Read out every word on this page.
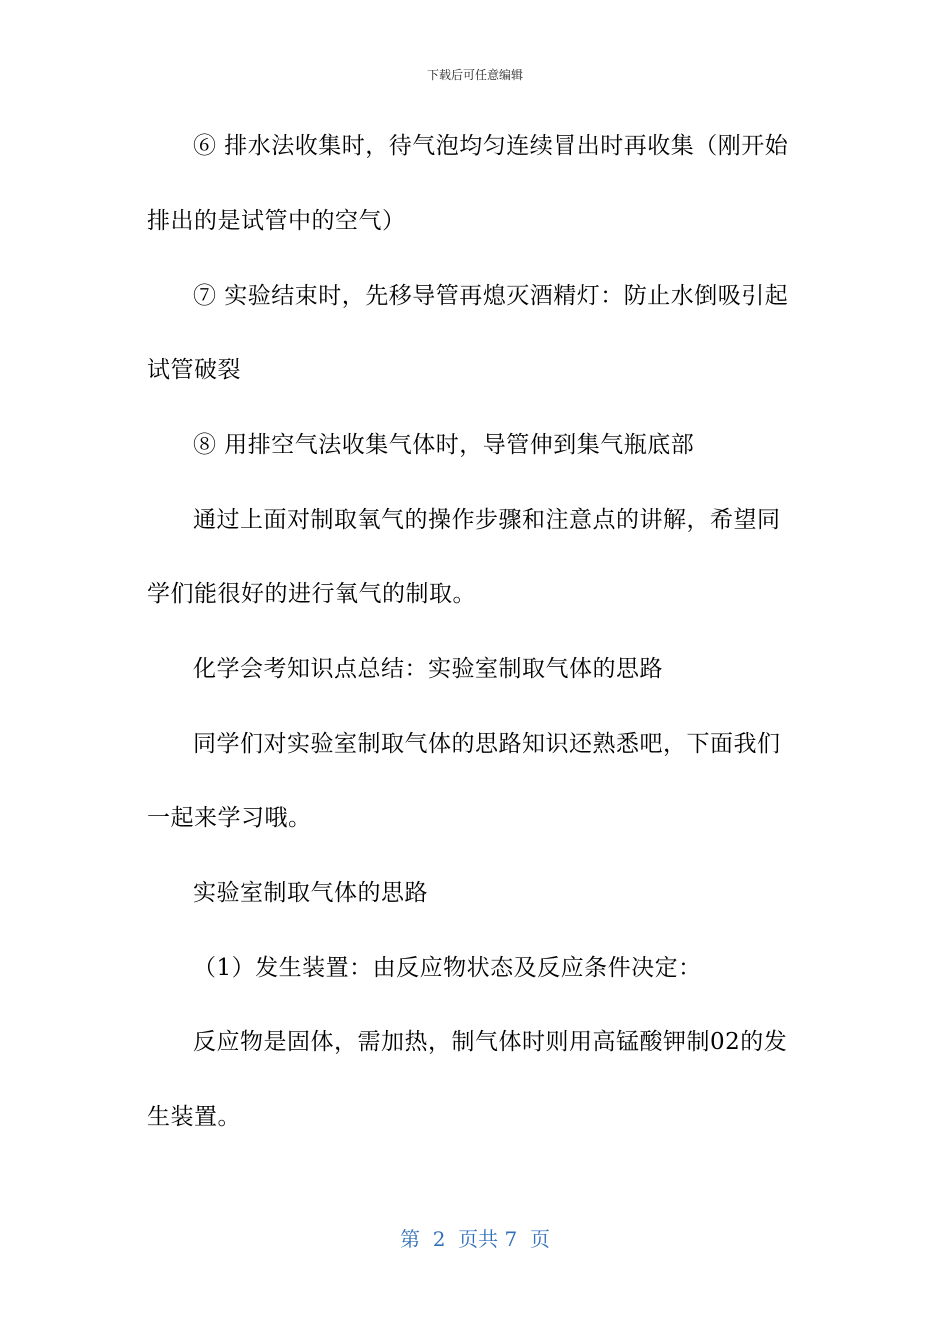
下载后可任意编辑
⑥ 排水法收集时，待气泡均匀连续冒出时再收集（刚开始
排出的是试管中的空气）
⑦ 实验结束时，先移导管再熄灭酒精灯：防止水倒吸引起
试管破裂
⑧ 用排空气法收集气体时，导管伸到集气瓶底部
通过上面对制取氧气的操作步骤和注意点的讲解，希望同
学们能很好的进行氧气的制取。
化学会考知识点总结：实验室制取气体的思路
同学们对实验室制取气体的思路知识还熟悉吧，下面我们
一起来学习哦。
实验室制取气体的思路
（1）发生装置：由反应物状态及反应条件决定：
反应物是固体，需加热，制气体时则用高锰酸钾制02的发
生装置。
第  2  页共 7  页
